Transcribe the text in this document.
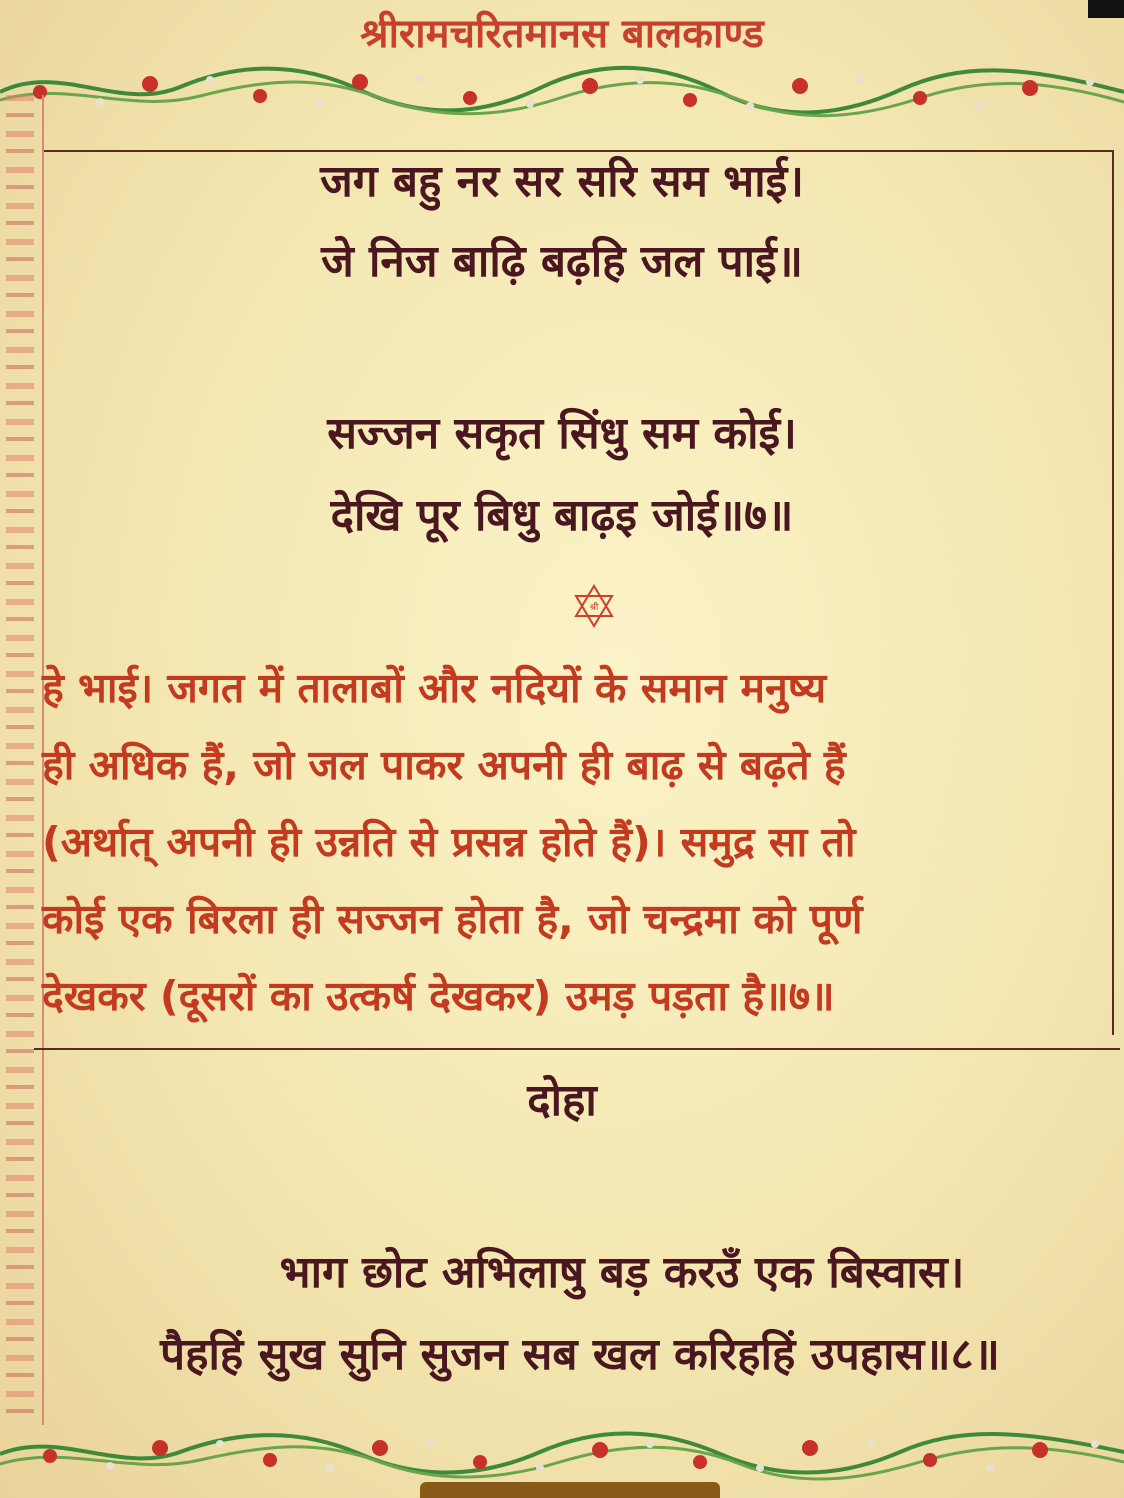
श्रीरामचरितमानस बालकाण्ड
जग बहु नर सर सरि सम भाई।
जे निज बाढ़ि बढ़हि जल पाई॥
सज्जन सकृत सिंधु सम कोई।
देखि पूर बिधु बाढ़इ जोई॥७॥
श्री
हे भाई। जगत में तालाबों और नदियों के समान मनुष्य
ही अधिक हैं, जो जल पाकर अपनी ही बाढ़ से बढ़ते हैं
(अर्थात् अपनी ही उन्नति से प्रसन्न होते हैं)। समुद्र सा तो
कोई एक बिरला ही सज्जन होता है, जो चन्द्रमा को पूर्ण
देखकर (दूसरों का उत्कर्ष देखकर) उमड़ पड़ता है॥७॥
दोहा
भाग छोट अभिलाषु बड़ करउँ एक बिस्वास।
पैहहिं सुख सुनि सुजन सब खल करिहहिं उपहास॥८॥
